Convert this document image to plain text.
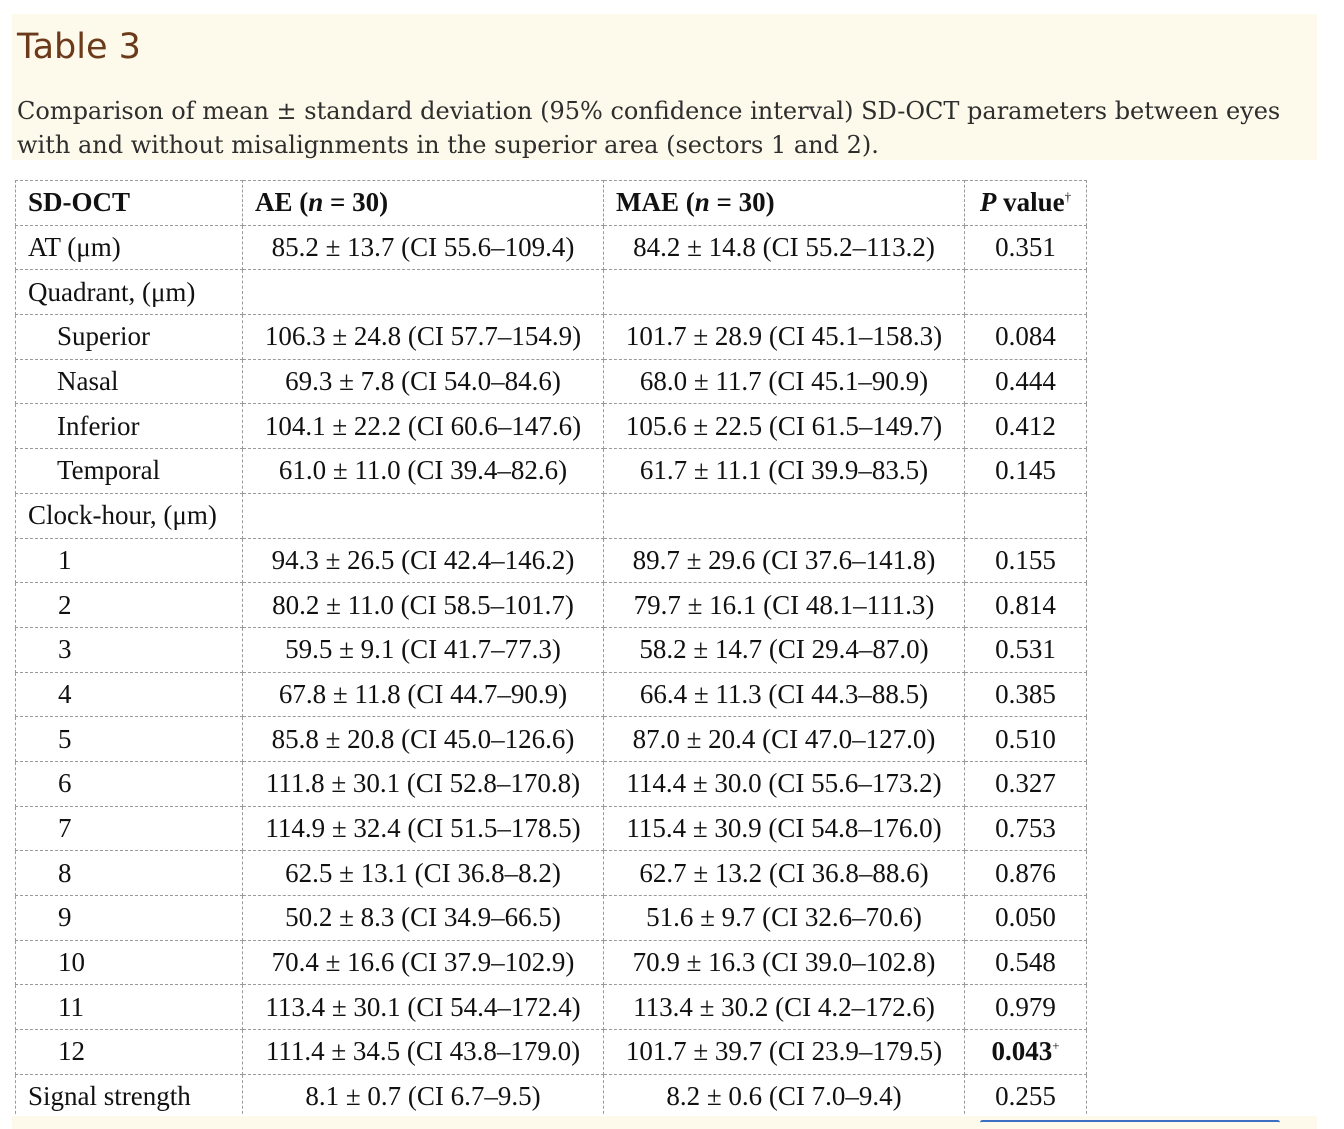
Table 3

Comparison of mean ± standard deviation (95% confidence interval) SD-OCT parameters between eyes with and without misalignments in the superior area (sectors 1 and 2).

SD-OCT	AE (n = 30)	MAE (n = 30)	P value†
AT (μm)	85.2 ± 13.7 (CI 55.6–109.4)	84.2 ± 14.8 (CI 55.2–113.2)	0.351
Quadrant, (μm)			
Superior	106.3 ± 24.8 (CI 57.7–154.9)	101.7 ± 28.9 (CI 45.1–158.3)	0.084
Nasal	69.3 ± 7.8 (CI 54.0–84.6)	68.0 ± 11.7 (CI 45.1–90.9)	0.444
Inferior	104.1 ± 22.2 (CI 60.6–147.6)	105.6 ± 22.5 (CI 61.5–149.7)	0.412
Temporal	61.0 ± 11.0 (CI 39.4–82.6)	61.7 ± 11.1 (CI 39.9–83.5)	0.145
Clock-hour, (μm)			
1	94.3 ± 26.5 (CI 42.4–146.2)	89.7 ± 29.6 (CI 37.6–141.8)	0.155
2	80.2 ± 11.0 (CI 58.5–101.7)	79.7 ± 16.1 (CI 48.1–111.3)	0.814
3	59.5 ± 9.1 (CI 41.7–77.3)	58.2 ± 14.7 (CI 29.4–87.0)	0.531
4	67.8 ± 11.8 (CI 44.7–90.9)	66.4 ± 11.3 (CI 44.3–88.5)	0.385
5	85.8 ± 20.8 (CI 45.0–126.6)	87.0 ± 20.4 (CI 47.0–127.0)	0.510
6	111.8 ± 30.1 (CI 52.8–170.8)	114.4 ± 30.0 (CI 55.6–173.2)	0.327
7	114.9 ± 32.4 (CI 51.5–178.5)	115.4 ± 30.9 (CI 54.8–176.0)	0.753
8	62.5 ± 13.1 (CI 36.8–8.2)	62.7 ± 13.2 (CI 36.8–88.6)	0.876
9	50.2 ± 8.3 (CI 34.9–66.5)	51.6 ± 9.7 (CI 32.6–70.6)	0.050
10	70.4 ± 16.6 (CI 37.9–102.9)	70.9 ± 16.3 (CI 39.0–102.8)	0.548
11	113.4 ± 30.1 (CI 54.4–172.4)	113.4 ± 30.2 (CI 4.2–172.6)	0.979
12	111.4 ± 34.5 (CI 43.8–179.0)	101.7 ± 39.7 (CI 23.9–179.5)	0.043+
Signal strength	8.1 ± 0.7 (CI 6.7–9.5)	8.2 ± 0.6 (CI 7.0–9.4)	0.255
